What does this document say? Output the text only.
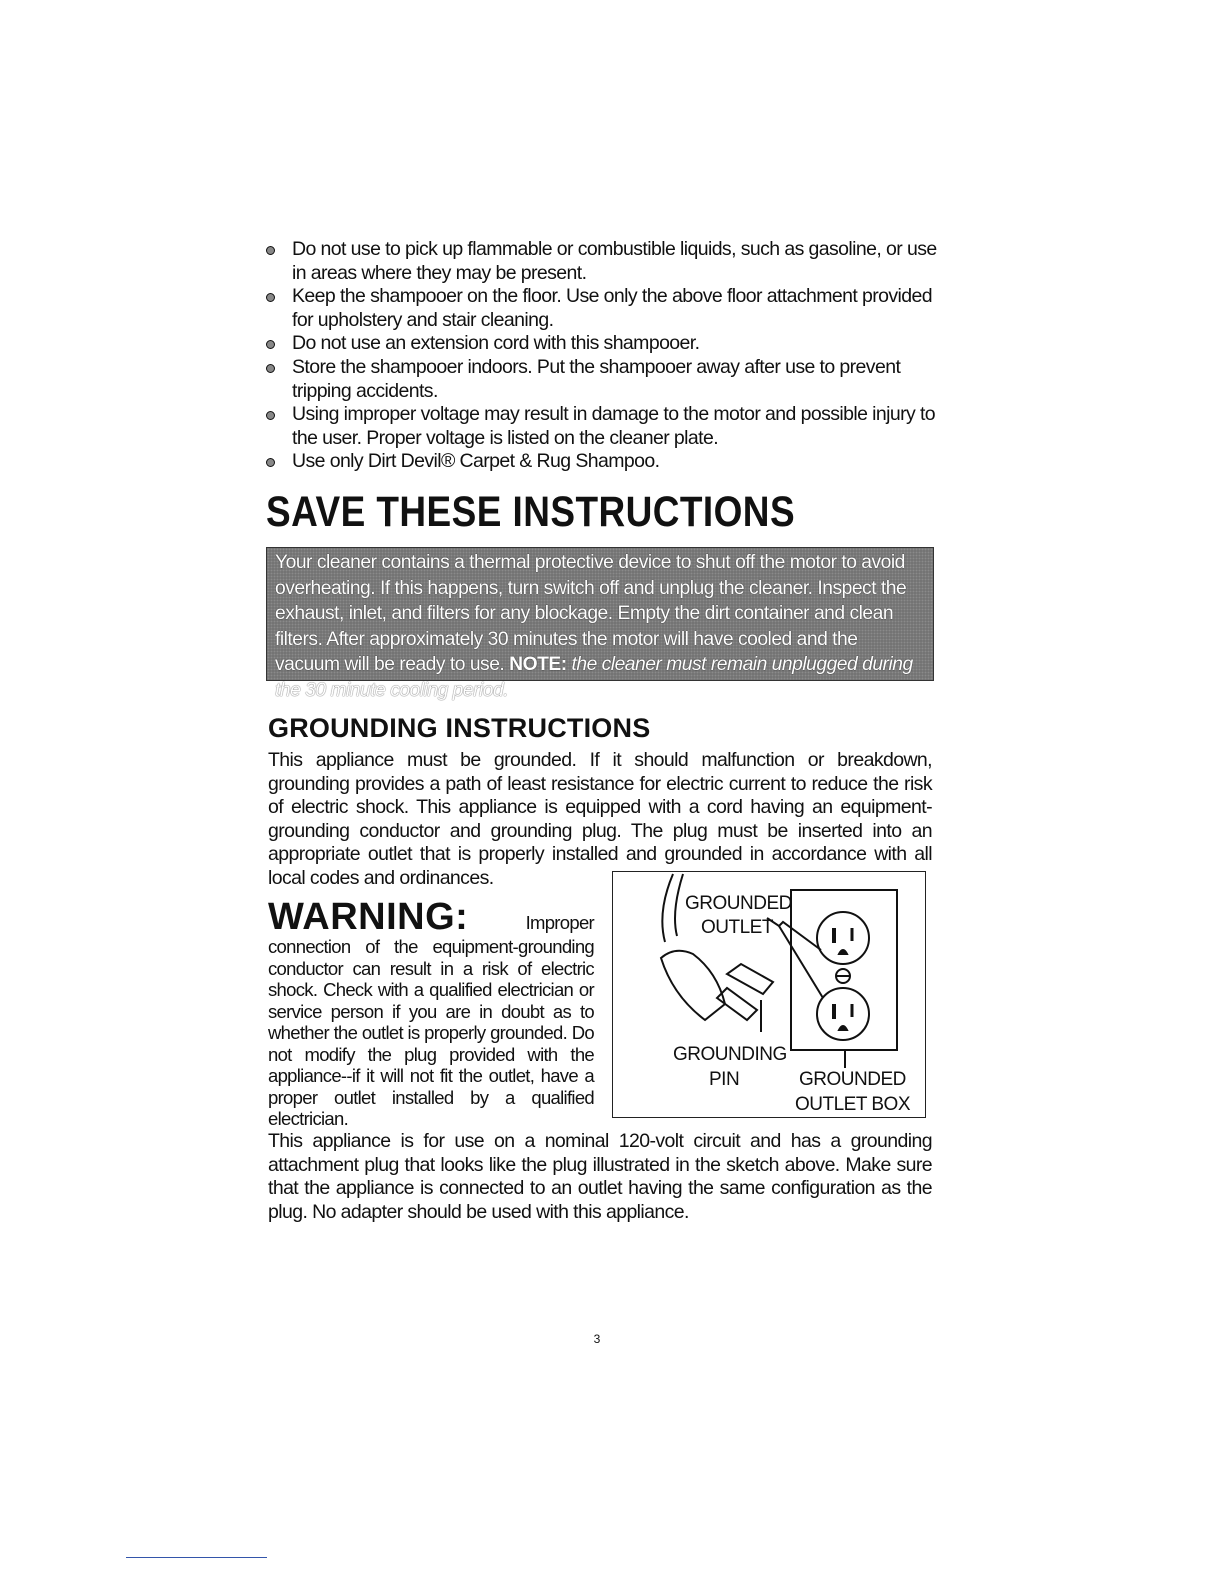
Do not use to pick up flammable or combustible liquids, such as gasoline, or use in areas where they may be present.
Keep the shampooer on the floor. Use only the above floor attachment provided for upholstery and stair cleaning.
Do not use an extension cord with this shampooer.
Store the shampooer indoors. Put the shampooer away after use to prevent tripping accidents.
Using improper voltage may result in damage to the motor and possible injury to the user. Proper voltage is listed on the cleaner plate.
Use only Dirt Devil® Carpet & Rug Shampoo.
SAVE THESE INSTRUCTIONS
Your cleaner contains a thermal protective device to shut off the motor to avoid overheating. If this happens, turn switch off and unplug the cleaner. Inspect the exhaust, inlet, and filters for any blockage. Empty the dirt container and clean filters. After approximately 30 minutes the motor will have cooled and the vacuum will be ready to use. NOTE: the cleaner must remain unplugged during the 30 minute cooling period.
GROUNDING INSTRUCTIONS

This appliance must be grounded. If it should malfunction or breakdown, grounding provides a path of least resistance for electric current to reduce the risk of electric shock. This appliance is equipped with a cord having an equipment-grounding conductor and grounding plug. The plug must be inserted into an appropriate outlet that is properly installed and grounded in accordance with all local codes and ordinances.

WARNING:	Improper connection of the equipment-grounding conductor can result in a risk of electric shock. Check with a qualified electrician or service person if you are in doubt as to whether the outlet is properly grounded. Do not modify the plug provided with the appliance--if it will not fit the outlet, have a proper outlet installed by a qualified electrician.

GROUNDED
OUTLET
GROUNDING
PIN	GROUNDED
OUTLET BOX

This appliance is for use on a nominal 120-volt circuit and has a grounding attachment plug that looks like the plug illustrated in the sketch above. Make sure that the appliance is connected to an outlet having the same configuration as the plug. No adapter should be used with this appliance.

3
